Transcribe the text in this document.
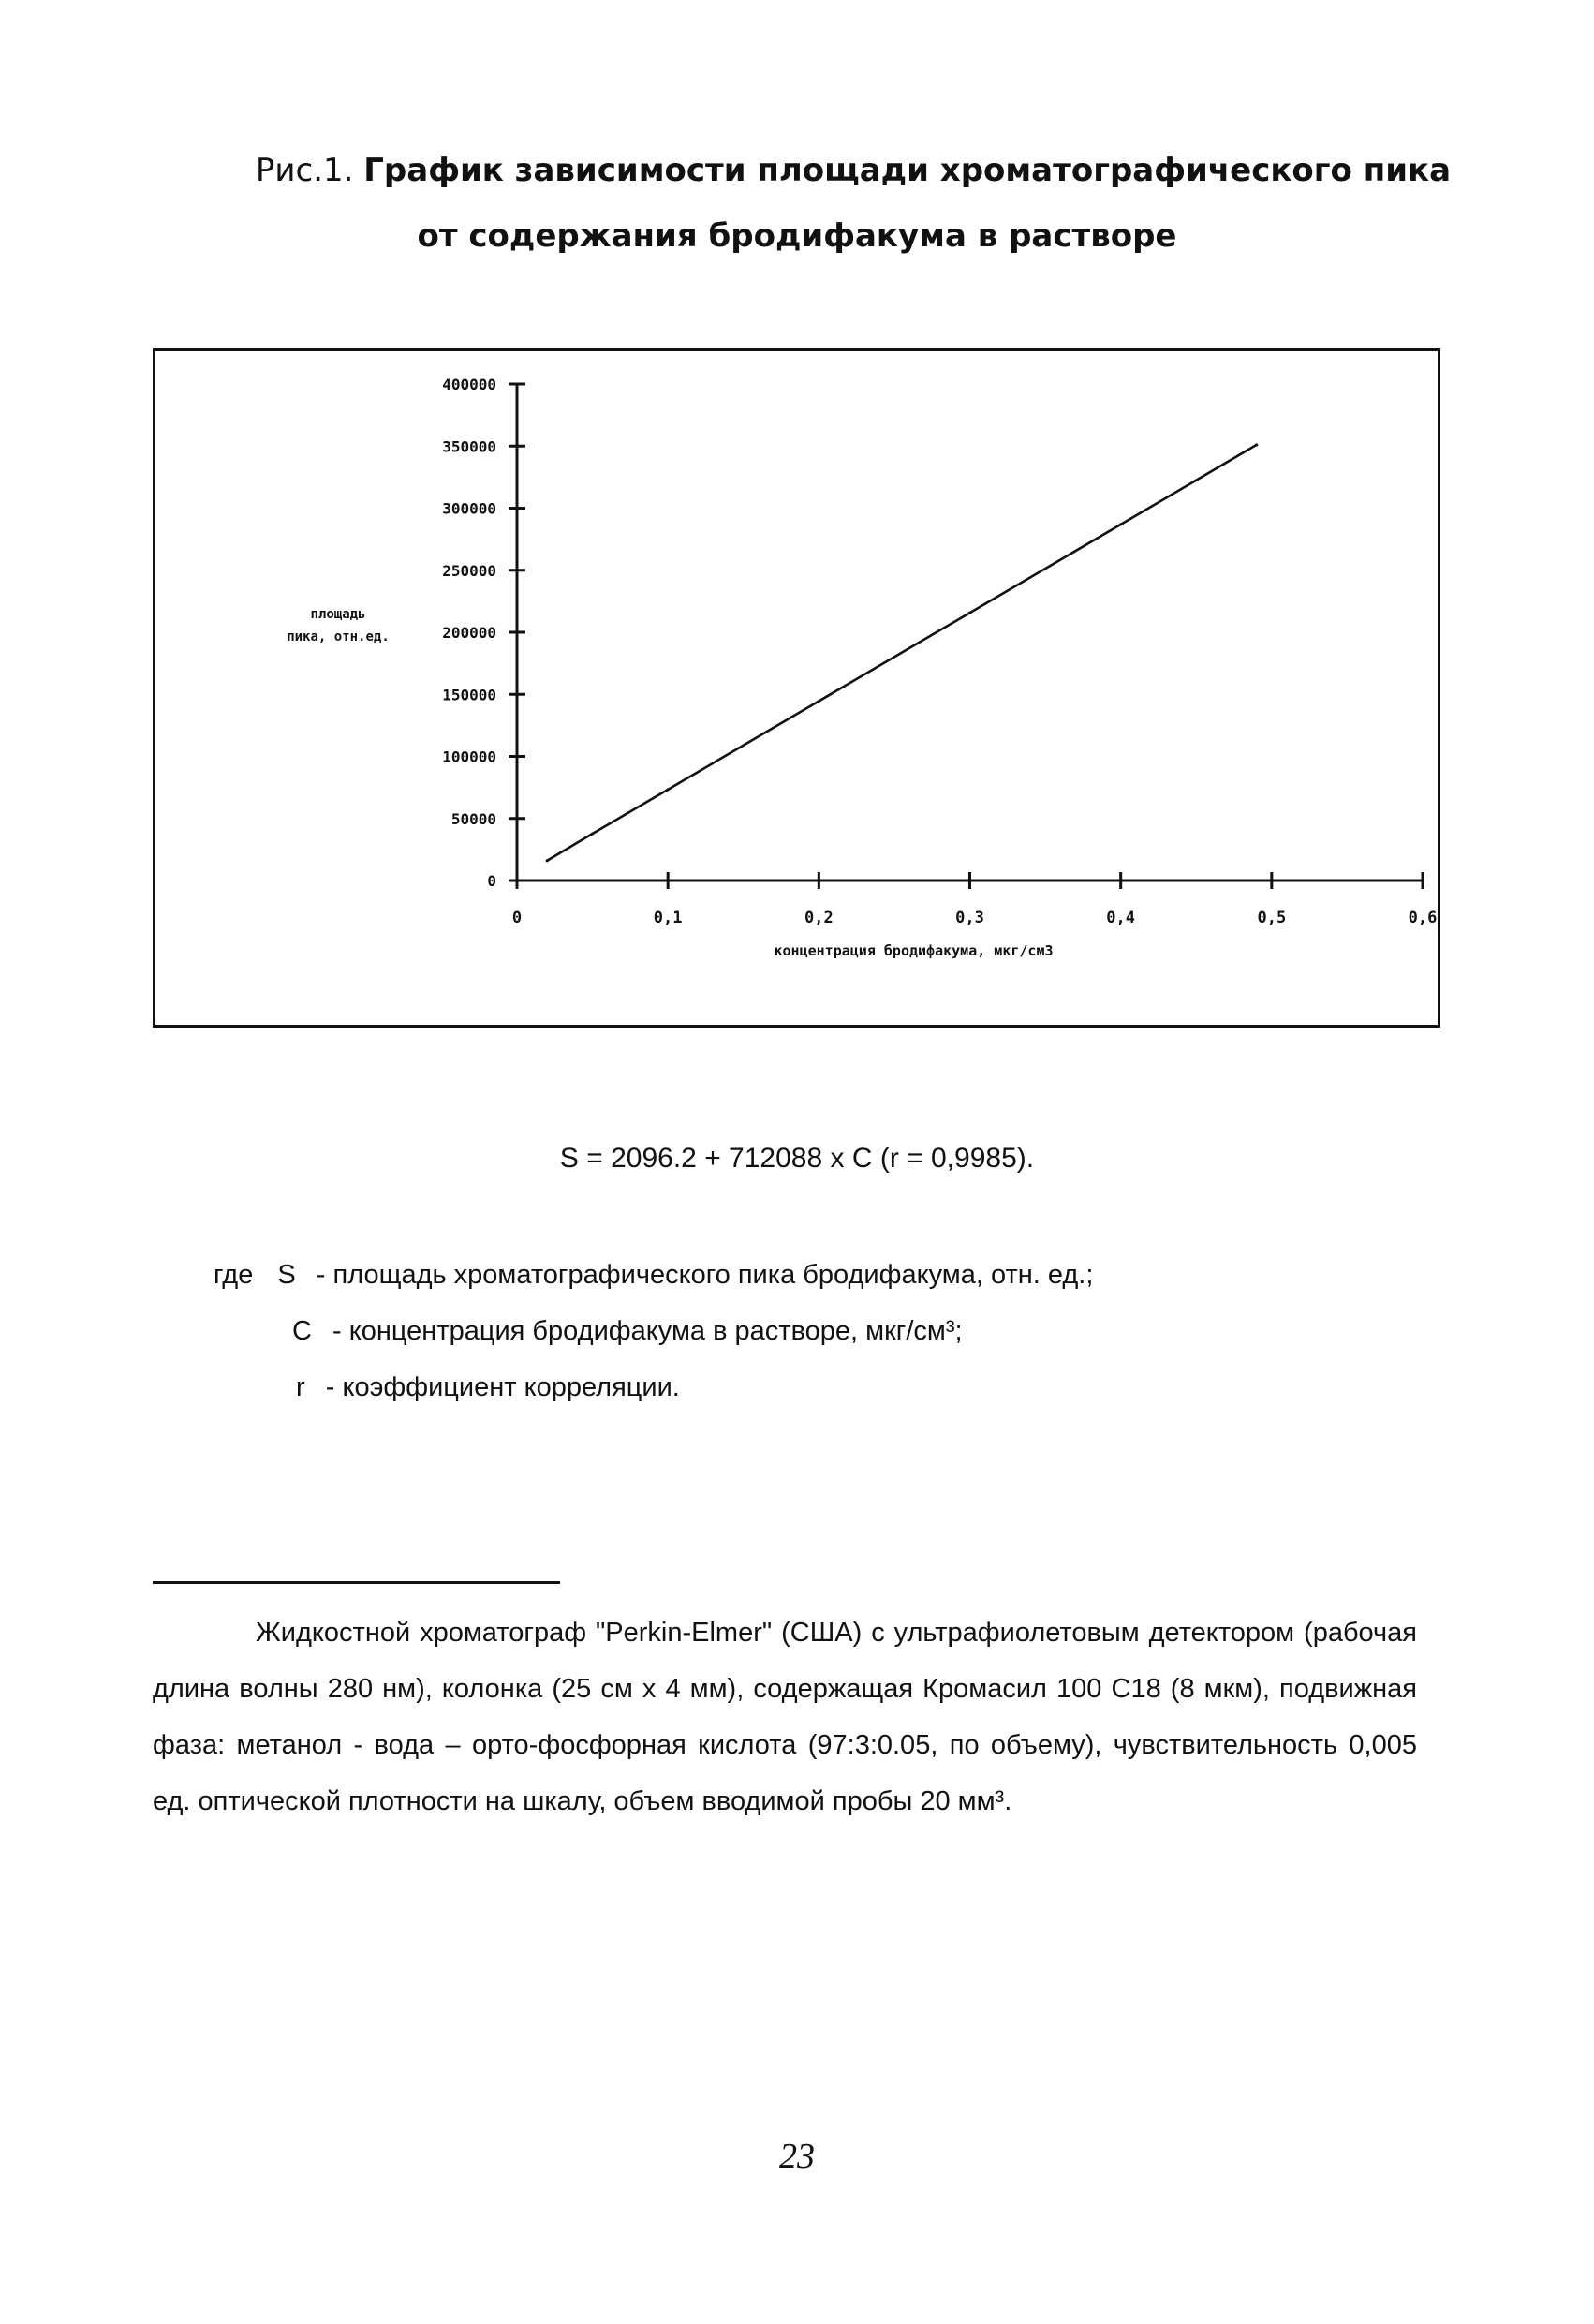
Рис.1. График зависимости площади хроматографического пика
от содержания бродифакума в растворе
0
50000
100000
150000
200000
250000
300000
350000
400000
0	0,1	0,2	0,3	0,4	0,5	0,6
концентрация бродифакума, мкг/см3
площадь
пика, отн.ед.
S = 2096.2 + 712088 x C (r = 0,9985).
где S - площадь хроматографического пика бродифакума, отн. ед.;
С - концентрация бродифакума в растворе, мкг/см³;
r - коэффициент корреляции.
Жидкостной хроматограф "Perkin-Elmer" (США) с ультрафиолетовым детектором (рабочая длина волны 280 нм), колонка (25 см х 4 мм), содержащая Кромасил 100 С18 (8 мкм), подвижная фаза: метанол - вода – орто-фосфорная кислота (97:3:0.05, по объему), чувствительность 0,005 ед. оптической плотности на шкалу, объем вводимой пробы 20 мм³.
23
